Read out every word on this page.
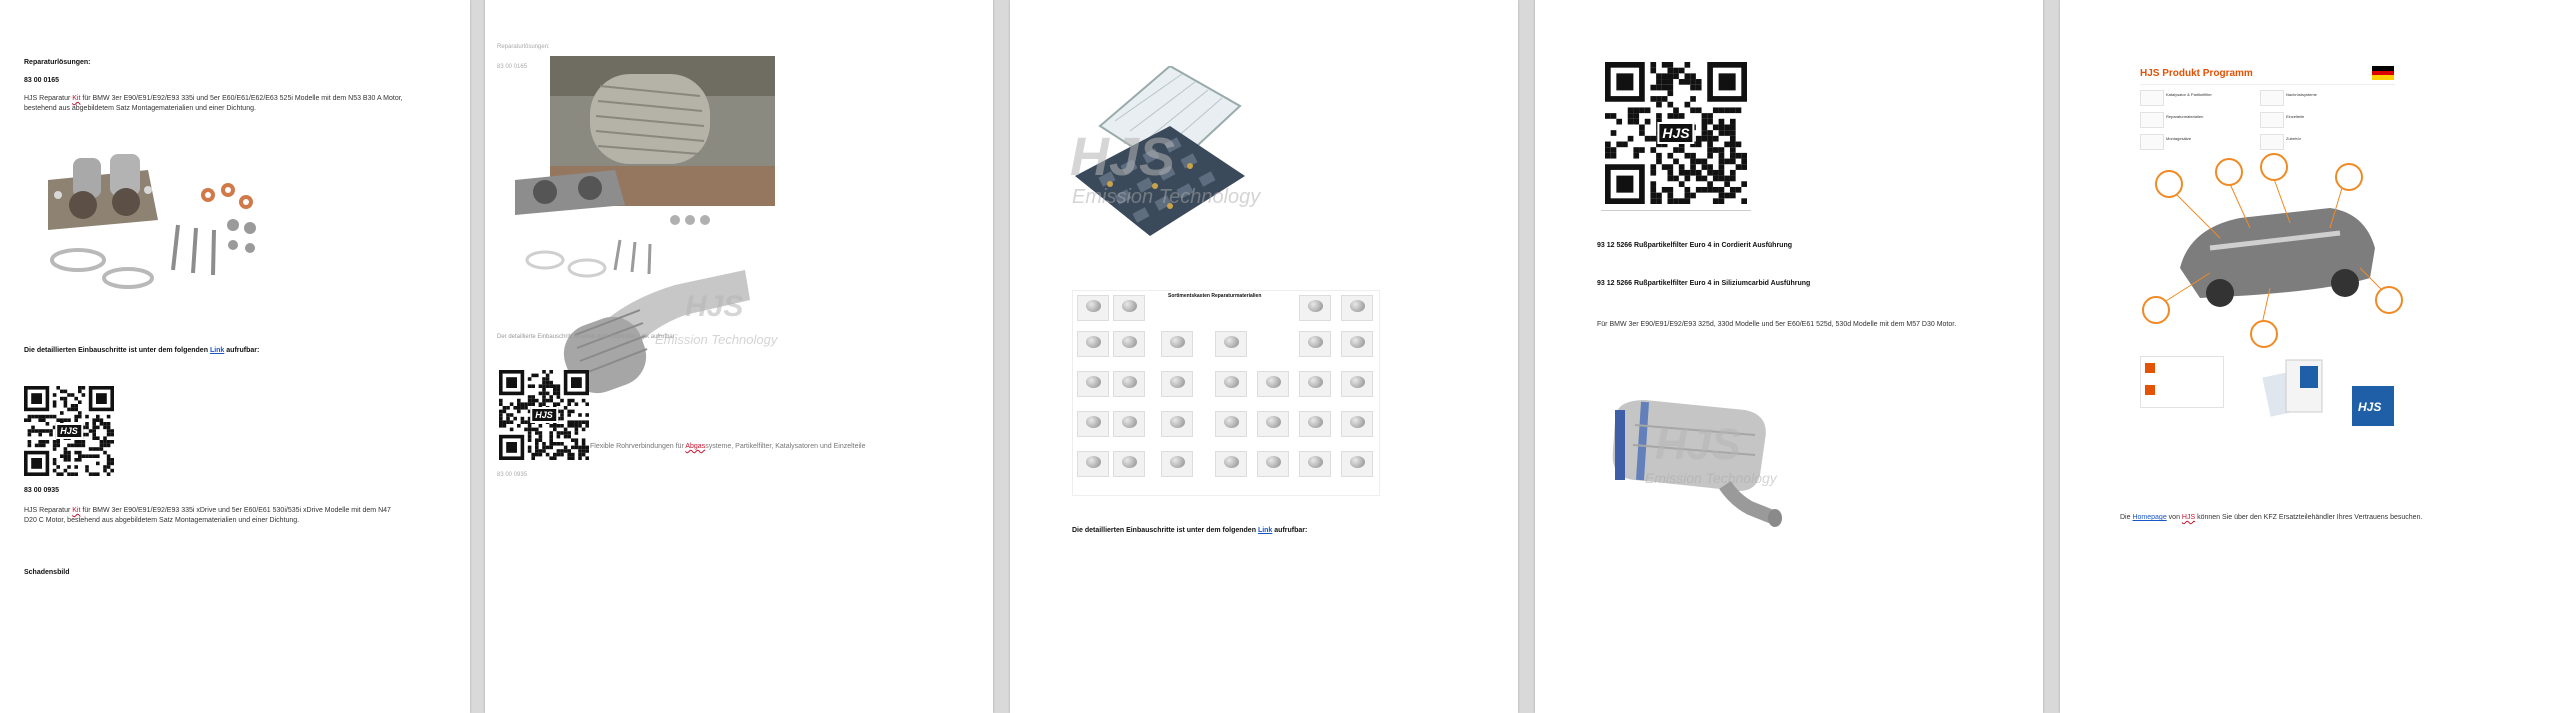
Reparaturlösungen:
83 00 0165
HJS Reparatur Kit für BMW 3er E90/E91/E92/E93 335i und 5er E60/E61/E62/E63 525i Modelle mit dem N53 B30 A Motor, bestehend aus abgebildetem Satz Montagematerialien und einer Dichtung.
Die detaillierten Einbauschritte ist unter dem folgenden Link aufrufbar:
HJS
83 00 0935
HJS Reparatur Kit für BMW 3er E90/E91/E92/E93 335i xDrive und 5er E60/E61 530i/535i xDrive Modelle mit dem N47 D20 C Motor, bestehend aus abgebildetem Satz Montagematerialien und einer Dichtung.
Schadensbild
Reparaturlösungen:
83 00 0165
HJS
Emission Technology
Der detaillierte Einbauschritt ist unter dem folgenden Link aufrufbar:
HJS
Flexible Rohrverbindungen für Abgassysteme, Partikelfilter, Katalysatoren und Einzelteile
83 00 0935
HJS
Emission Technology
Sortimentskasten Reparaturmaterialien
Die detaillierten Einbauschritte ist unter dem folgenden Link aufrufbar:
HJS
93 12 5266 Rußpartikelfilter Euro 4 in Cordierit Ausführung
93 12 5266 Rußpartikelfilter Euro 4 in Siliziumcarbid Ausführung
Für BMW 3er E90/E91/E92/E93 325d, 330d Modelle und 5er E60/E61 525d, 530d Modelle mit dem M57 D30 Motor.
HJS
Emission Technology
HJS Produkt Programm
Katalysator & Partikelfilter	Nachrüstsysteme
Reparaturmaterialien	Einzelteile
Montagesätze	Zubehör
HJS
Die Homepage von HJS können Sie über den KFZ Ersatzteilehändler Ihres Vertrauens besuchen.
